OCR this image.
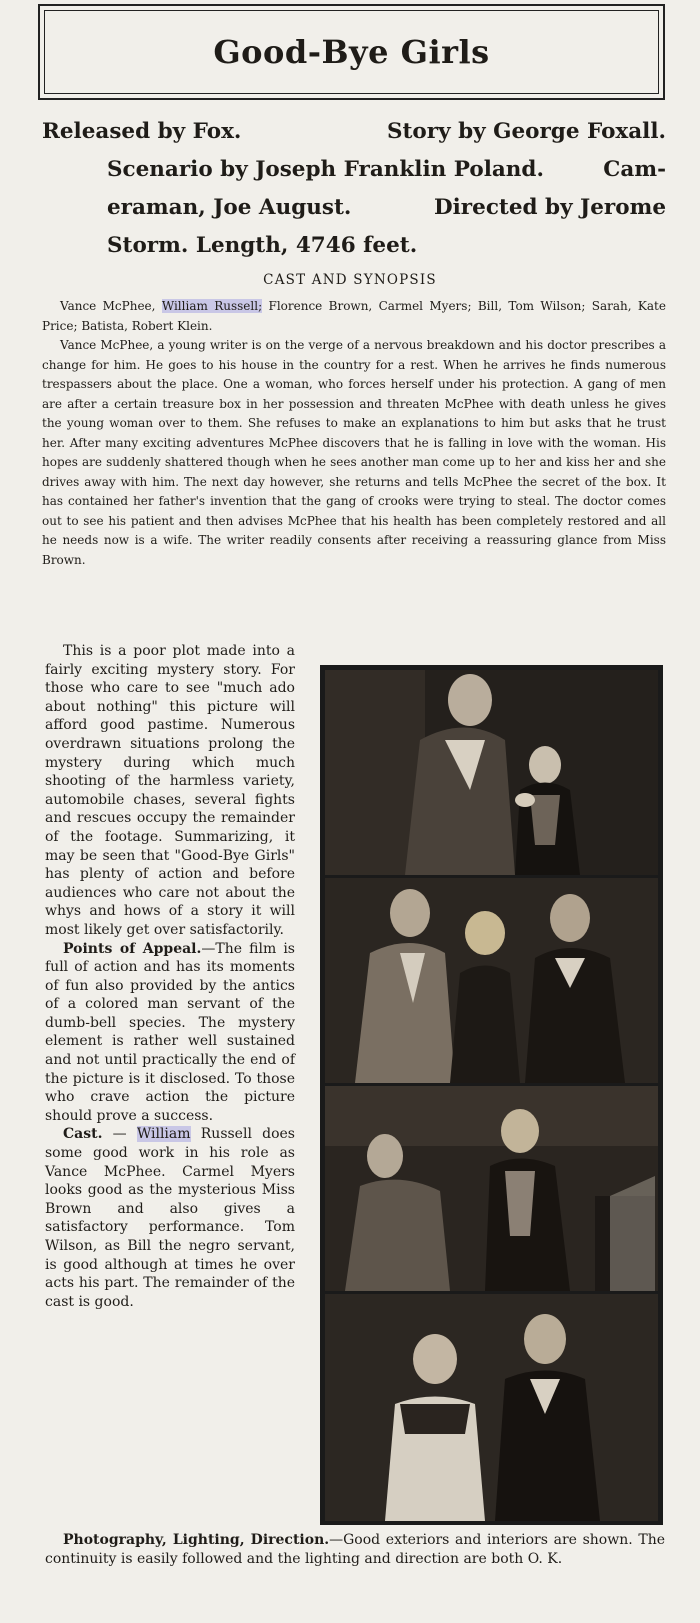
Good-Bye Girls
Released by Fox.	Story by George Foxall.
Scenario by Joseph Franklin Poland.	Cam-
eraman, Joe August.	Directed by Jerome
Storm. Length, 4746 feet.
CAST AND SYNOPSIS

Vance McPhee, William Russell; Florence Brown, Carmel Myers; Bill, Tom Wilson; Sarah, Kate Price; Batista, Robert Klein.

Vance McPhee, a young writer is on the verge of a nervous breakdown and his doctor prescribes a change for him. He goes to his house in the country for a rest. When he arrives he finds numerous trespassers about the place. One a woman, who forces herself under his protection. A gang of men are after a certain treasure box in her possession and threaten McPhee with death unless he gives the young woman over to them. She refuses to make an explanations to him but asks that he trust her. After many exciting adventures McPhee discovers that he is falling in love with the woman. His hopes are suddenly shattered though when he sees another man come up to her and kiss her and she drives away with him. The next day however, she returns and tells McPhee the secret of the box. It has contained her father's invention that the gang of crooks were trying to steal. The doctor comes out to see his patient and then advises McPhee that his health has been completely restored and all he needs now is a wife. The writer readily consents after receiving a reassuring glance from Miss Brown.

This is a poor plot made into a fairly exciting mystery story. For those who care to see "much ado about nothing" this picture will afford good pastime. Numerous overdrawn situations prolong the mystery during which much shooting of the harmless variety, automobile chases, several fights and rescues occupy the remainder of the footage. Summarizing, it may be seen that "Good-Bye Girls" has plenty of action and before audiences who care not about the whys and hows of a story it will most likely get over satisfactorily.

Points of Appeal.—The film is full of action and has its moments of fun also provided by the antics of a colored man servant of the dumb-bell species. The mystery element is rather well sustained and not until practically the end of the picture is it disclosed. To those who crave action the picture should prove a success.

Cast. — William Russell does some good work in his role as Vance McPhee. Carmel Myers looks good as the mysterious Miss Brown and also gives a satisfactory performance. Tom Wilson, as Bill the negro servant, is good although at times he over acts his part. The remainder of the cast is good.

Photography, Lighting, Direction.—Good exteriors and interiors are shown. The continuity is easily followed and the lighting and direction are both O. K.
